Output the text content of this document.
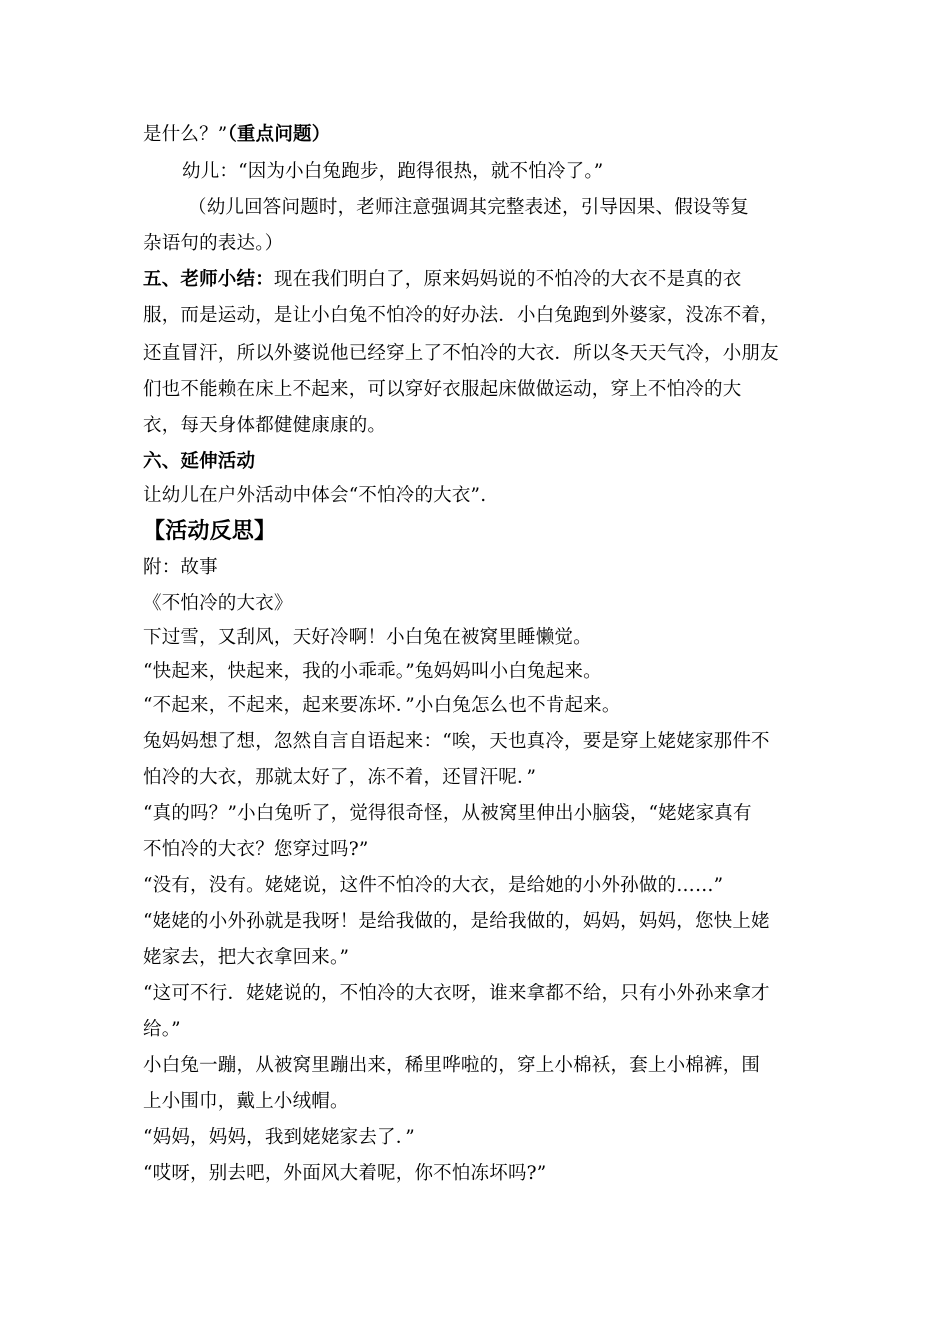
是什么？”（重点问题）
幼儿：“因为小白兔跑步，跑得很热，就不怕冷了。”
（幼儿回答问题时，老师注意强调其完整表述，引导因果、假设等复
杂语句的表达。）
五、老师小结：现在我们明白了，原来妈妈说的不怕冷的大衣不是真的衣
服，而是运动，是让小白兔不怕冷的好办法．小白兔跑到外婆家，没冻不着，
还直冒汗，所以外婆说他已经穿上了不怕冷的大衣．所以冬天天气冷，小朋友
们也不能赖在床上不起来，可以穿好衣服起床做做运动，穿上不怕冷的大
衣，每天身体都健健康康的。
六、延伸活动
让幼儿在户外活动中体会“不怕冷的大衣”.
【活动反思】
附：故事
《不怕冷的大衣》
下过雪，又刮风，天好冷啊！小白兔在被窝里睡懒觉。
“快起来，快起来，我的小乖乖。”兔妈妈叫小白兔起来。
“不起来，不起来，起来要冻坏．”小白兔怎么也不肯起来。
兔妈妈想了想，忽然自言自语起来：“唉，天也真冷，要是穿上姥姥家那件不
怕冷的大衣，那就太好了，冻不着，还冒汗呢．”
“真的吗？”小白兔听了，觉得很奇怪，从被窝里伸出小脑袋，“姥姥家真有
不怕冷的大衣？您穿过吗?”
“没有，没有。姥姥说，这件不怕冷的大衣，是给她的小外孙做的……”
“姥姥的小外孙就是我呀！是给我做的，是给我做的，妈妈，妈妈，您快上姥
姥家去，把大衣拿回来。”
“这可不行．姥姥说的，不怕冷的大衣呀，谁来拿都不给，只有小外孙来拿才
给。”
小白兔一蹦，从被窝里蹦出来，稀里哗啦的，穿上小棉袄，套上小棉裤，围
上小围巾，戴上小绒帽。
“妈妈，妈妈，我到姥姥家去了．”
“哎呀，别去吧，外面风大着呢，你不怕冻坏吗?”
